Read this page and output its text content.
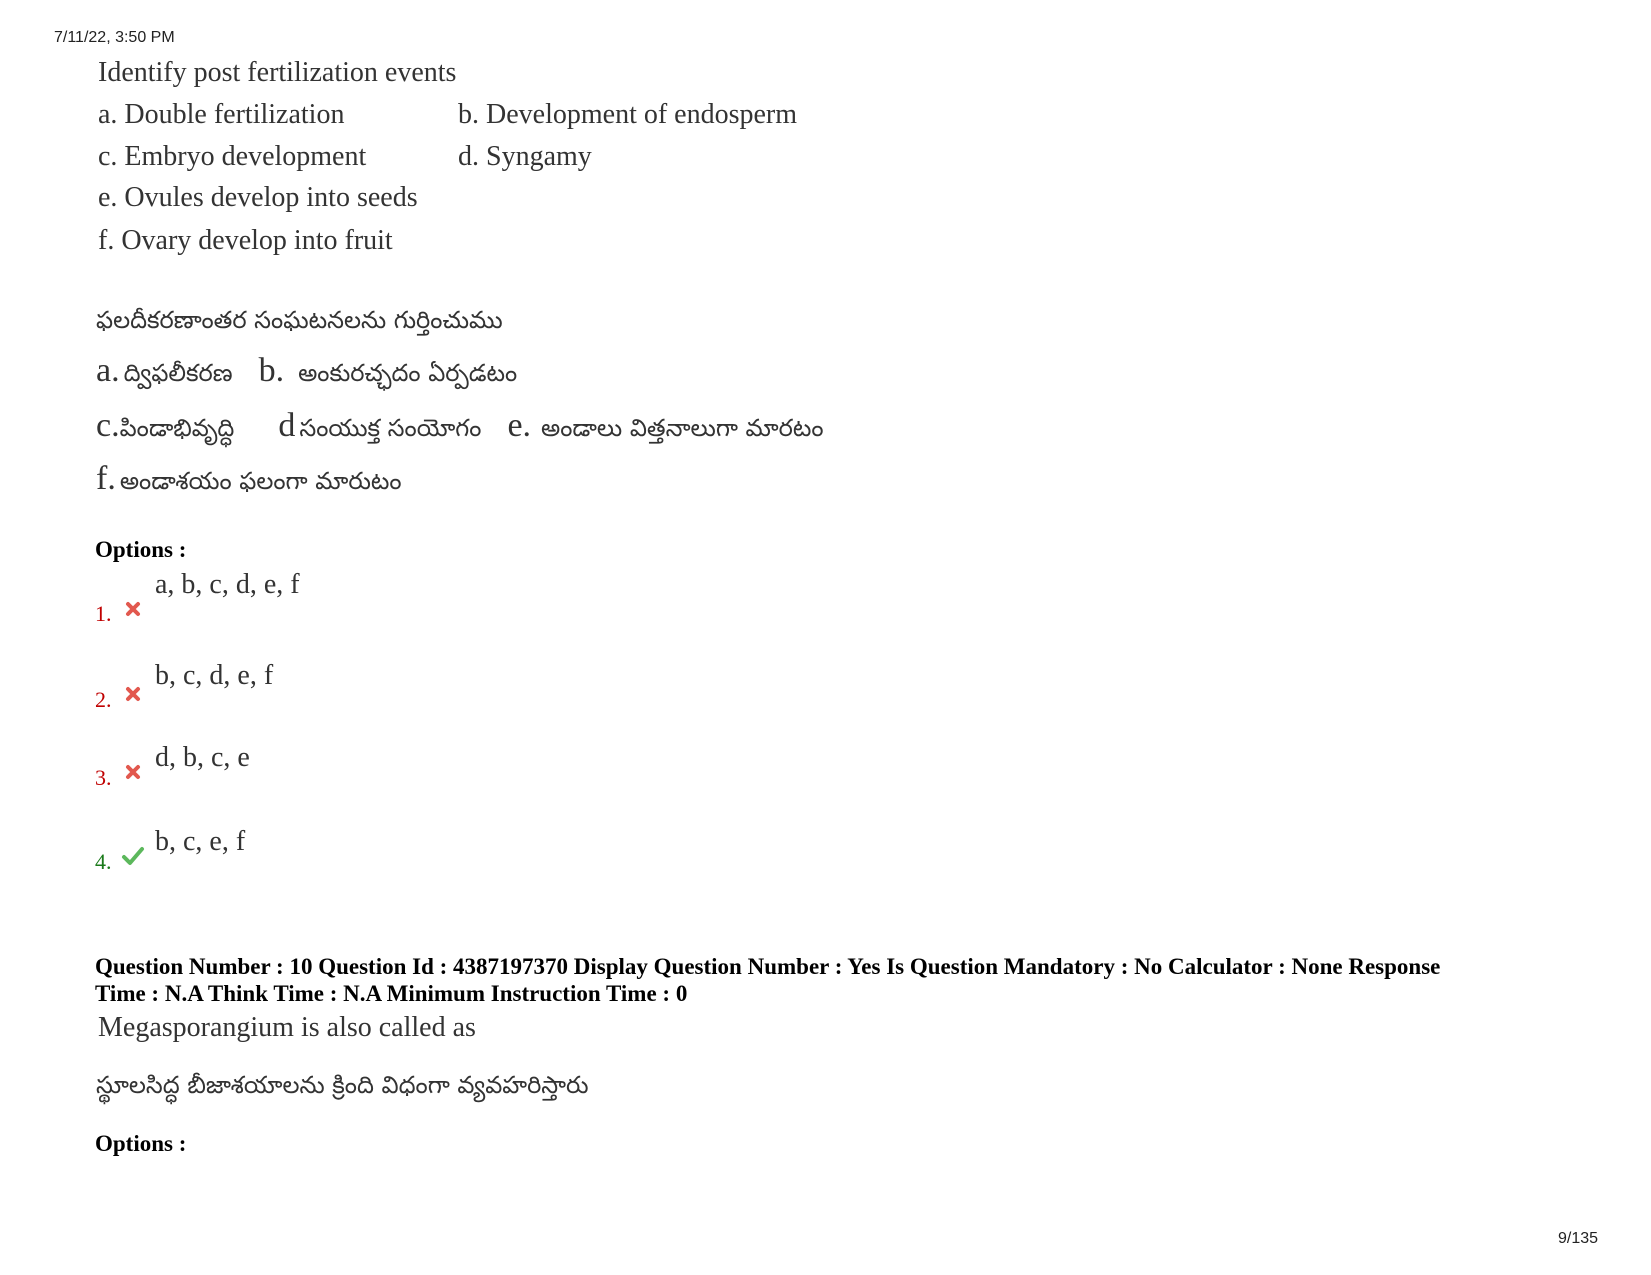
7/11/22, 3:50 PM
Identify post fertilization events
a. Double fertilization	b. Development of endosperm
c. Embryo development	d. Syngamy
e. Ovules develop into seeds
f. Ovary develop into fruit
ఫలదీకరణాంతర సంఘటనలను గుర్తించుము
a. ద్విఫలీకరణ b. అంకురచ్ఛదం ఏర్పడటం
c.పిండాభివృద్ధి d సంయుక్త సంయోగం e. అండాలు విత్తనాలుగా మారటం
f. అండాశయం ఫలంగా మారుటం
Options :
1.
a, b, c, d, e, f
2.
b, c, d, e, f
3.
d, b, c, e
4.
b, c, e, f
Question Number : 10 Question Id : 4387197370 Display Question Number : Yes Is Question Mandatory : No Calculator : None Response
Time : N.A Think Time : N.A Minimum Instruction Time : 0
Megasporangium is also called as
స్థూలసిద్ధ బీజాశయాలను క్రింది విధంగా వ్యవహరిస్తారు
Options :
9/135
